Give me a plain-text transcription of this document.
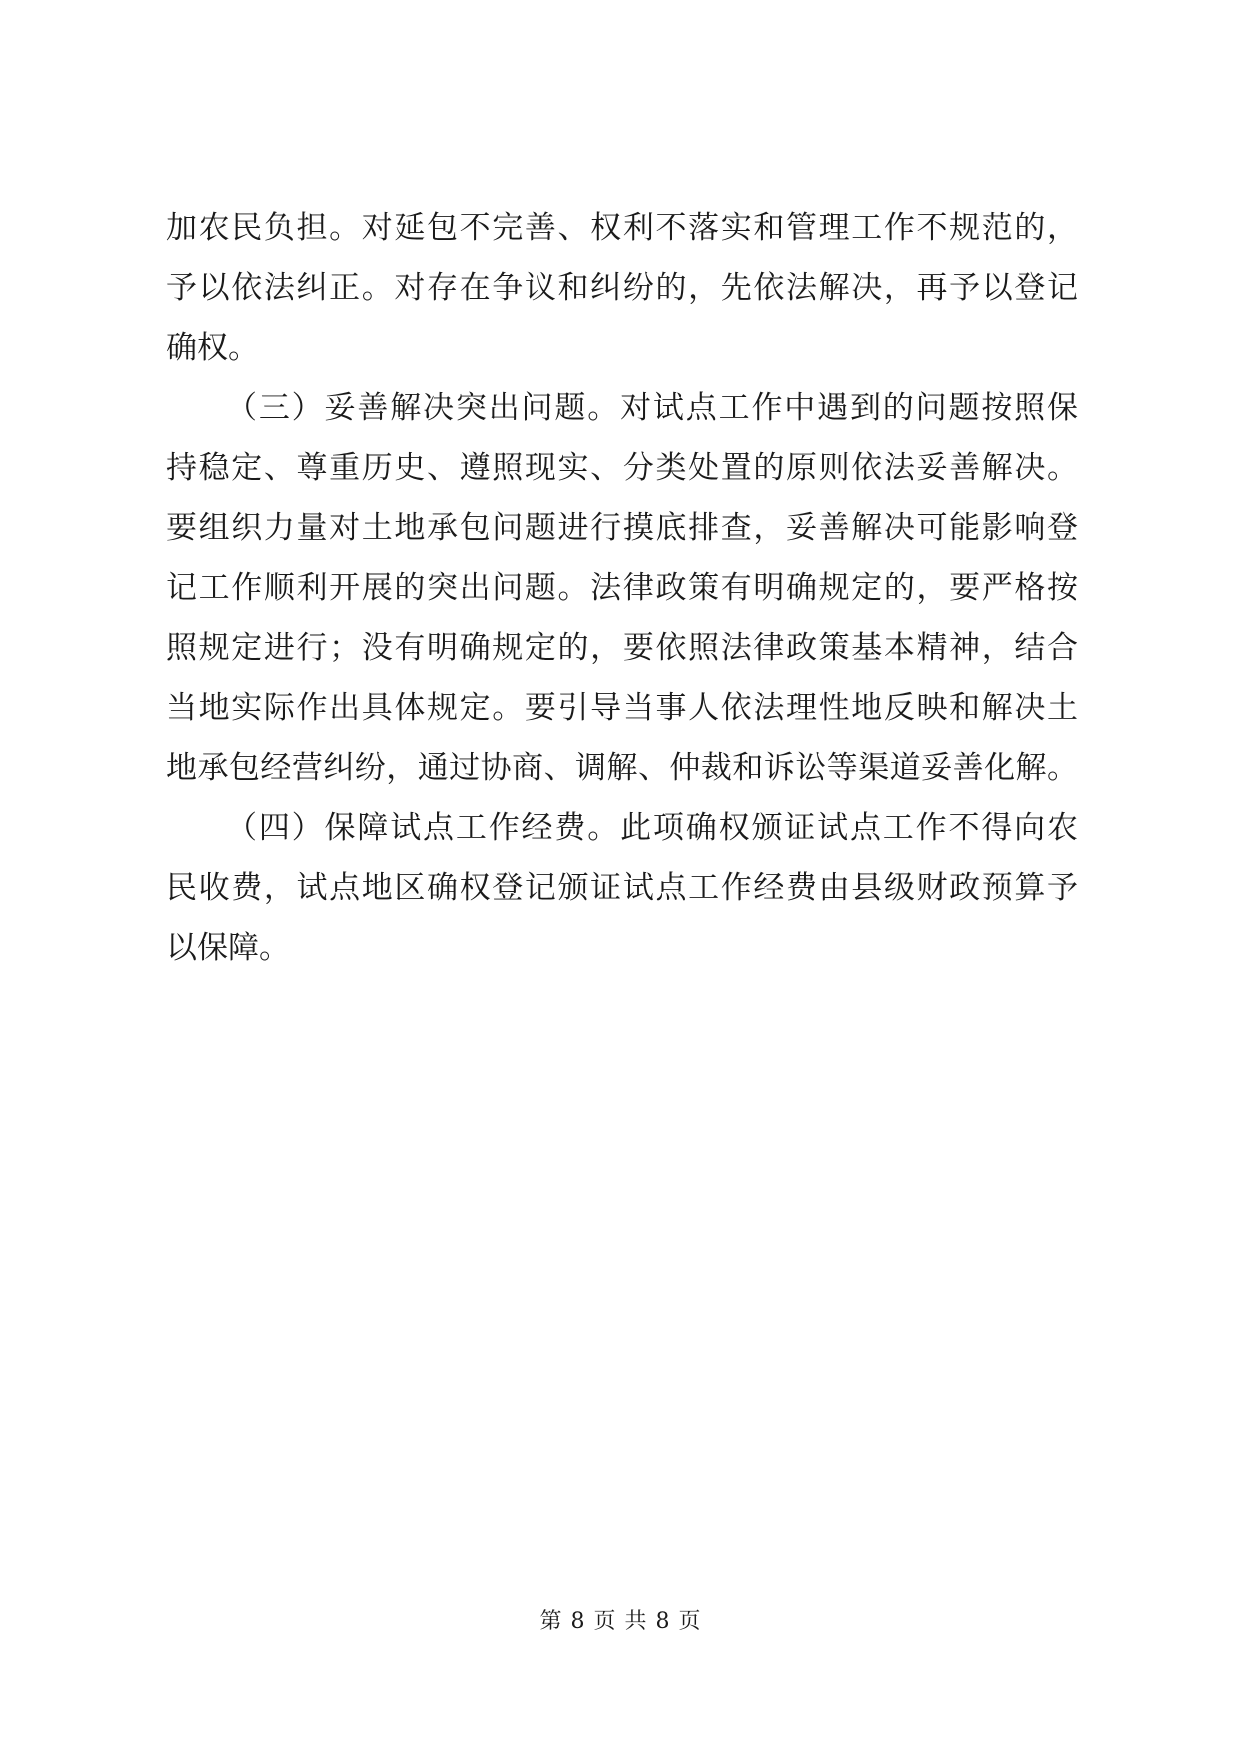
加农民负担。对延包不完善、权利不落实和管理工作不规范的，
予以依法纠正。对存在争议和纠纷的，先依法解决，再予以登记
确权。
（三）妥善解决突出问题。对试点工作中遇到的问题按照保
持稳定、尊重历史、遵照现实、分类处置的原则依法妥善解决。
要组织力量对土地承包问题进行摸底排查，妥善解决可能影响登
记工作顺利开展的突出问题。法律政策有明确规定的，要严格按
照规定进行；没有明确规定的，要依照法律政策基本精神，结合
当地实际作出具体规定。要引导当事人依法理性地反映和解决土
地承包经营纠纷，通过协商、调解、仲裁和诉讼等渠道妥善化解。
（四）保障试点工作经费。此项确权颁证试点工作不得向农
民收费，试点地区确权登记颁证试点工作经费由县级财政预算予
以保障。
第 8 页 共 8 页
